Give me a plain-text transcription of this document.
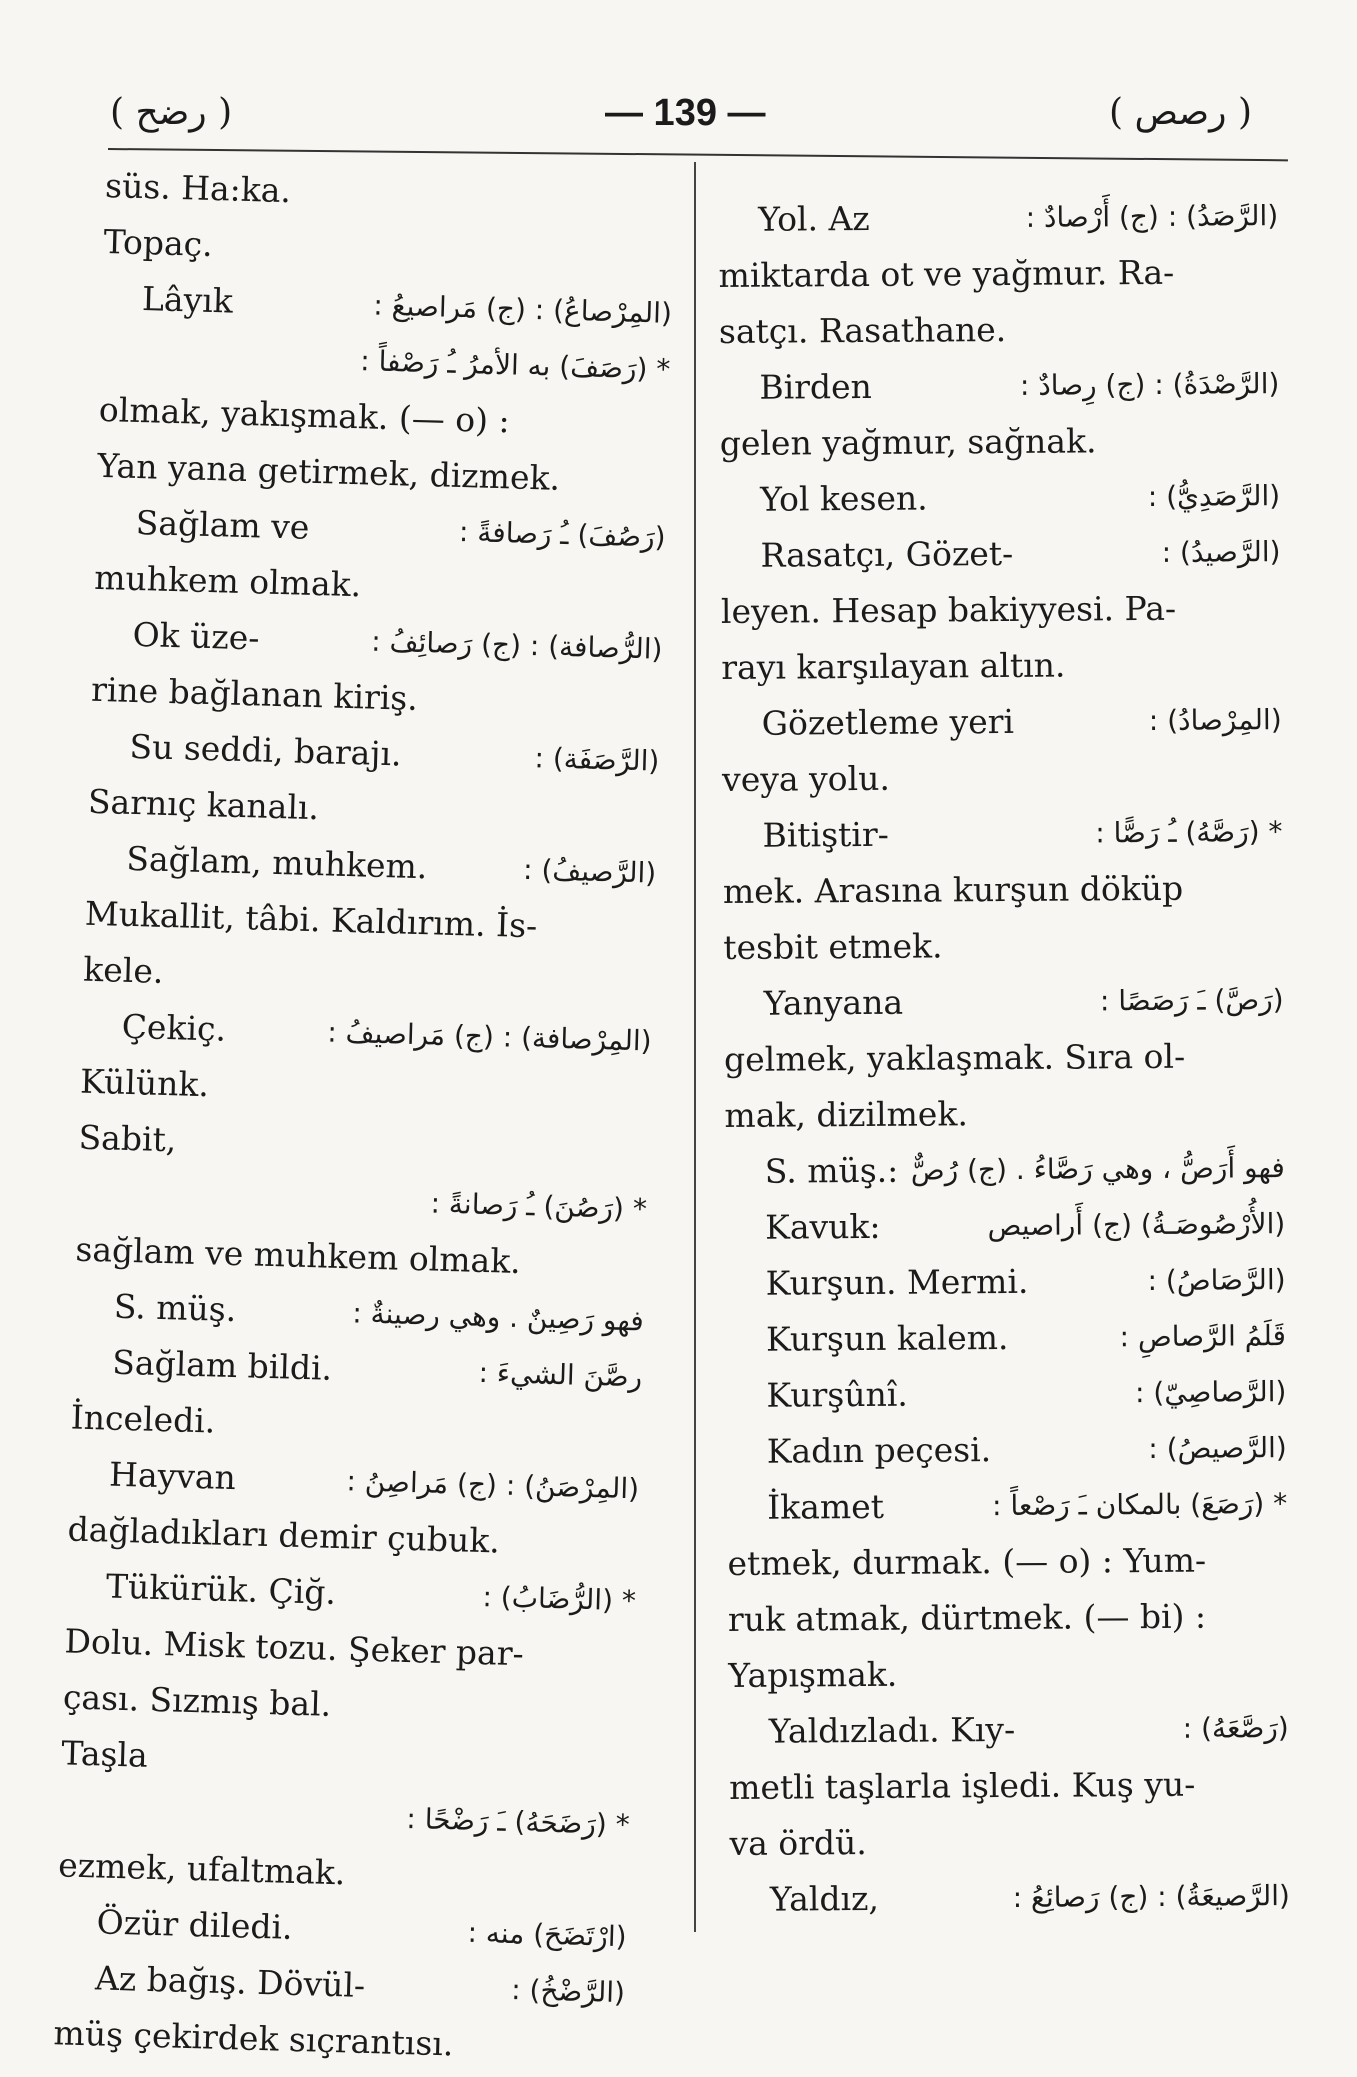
( رضح )	— 139 —	( رصص )
süs. Ha:ka.
Topaç.
Lâyık	(المِرْصاعُ) : (ج) مَراصيعُ :
* (رَصَفَ) به الأمرُ ـُ رَصْفاً :
olmak, yakışmak. (— o) :
Yan yana getirmek, dizmek.
Sağlam ve	(رَصُفَ) ـُ رَصافةً :
muhkem olmak.
Ok üze-	(الرُّصافة) : (ج) رَصائِفُ :
rine bağlanan kiriş.
Su seddi, barajı.	(الرَّصَفَة) :
Sarnıç kanalı.
Sağlam, muhkem.	(الرَّصيفُ) :
Mukallit, tâbi. Kaldırım. İs-
kele.
Çekiç.	(المِرْصافة) : (ج) مَراصيفُ :
Külünk.
Sabit,
* (رَصُنَ) ـُ رَصانةً :
sağlam ve muhkem olmak.
S. müş.	فهو رَصِينٌ . وهي رصينةٌ :
Sağlam bildi.	رصَّنَ الشيءَ :
İnceledi.
Hayvan	(المِرْصَنُ) : (ج) مَراصِنُ :
dağladıkları demir çubuk.
Tükürük. Çiğ.	* (الرُّضَابُ) :
Dolu. Misk tozu. Şeker par-
çası. Sızmış bal.
Taşla
* (رَضَحَهُ) ـَ رَضْحًا :
ezmek, ufaltmak.
Özür diledi.	(ارْتَضَحَ) منه :
Az bağış. Dövül-	(الرَّضْخُ) :
müş çekirdek sıçrantısı.
Yol. Az	(الرَّصَدُ) : (ج) أَرْصادٌ :
miktarda ot ve yağmur. Ra-
satçı. Rasathane.
Birden	(الرَّصْدَةُ) : (ج) رِصادٌ :
gelen yağmur, sağnak.
Yol kesen.	(الرَّصَدِيُّ) :
Rasatçı, Gözet-	(الرَّصيدُ) :
leyen. Hesap bakiyyesi. Pa-
rayı karşılayan altın.
Gözetleme yeri	(المِرْصادُ) :
veya yolu.
Bitiştir-	* (رَصَّهُ) ـُ رَصًّا :
mek. Arasına kurşun döküp
tesbit etmek.
Yanyana	(رَصَّ) ـَ رَصَصًا :
gelmek, yaklaşmak. Sıra ol-
mak, dizilmek.
S. müş.: فهو أَرَصُّ ، وهي رَصَّاءُ . (ج) رُصٌّ
Kavuk:	(الأُرْصُوصَـةُ) (ج) أَراصيص
Kurşun. Mermi.	(الرَّصَاصُ) :
Kurşun kalem.	قَلَمُ الرَّصاصِ :
Kurşûnî.	(الرَّصاصِيّ) :
Kadın peçesi.	(الرَّصيصُ) :
İkamet	* (رَصَعَ) بالمكان ـَ رَصْعاً :
etmek, durmak. (— o) : Yum-
ruk atmak, dürtmek. (— bi) :
Yapışmak.
Yaldızladı. Kıy-	(رَصَّعَهُ) :
metli taşlarla işledi. Kuş yu-
va ördü.
Yaldız,	(الرَّصيعَةُ) : (ج) رَصائِعُ :
